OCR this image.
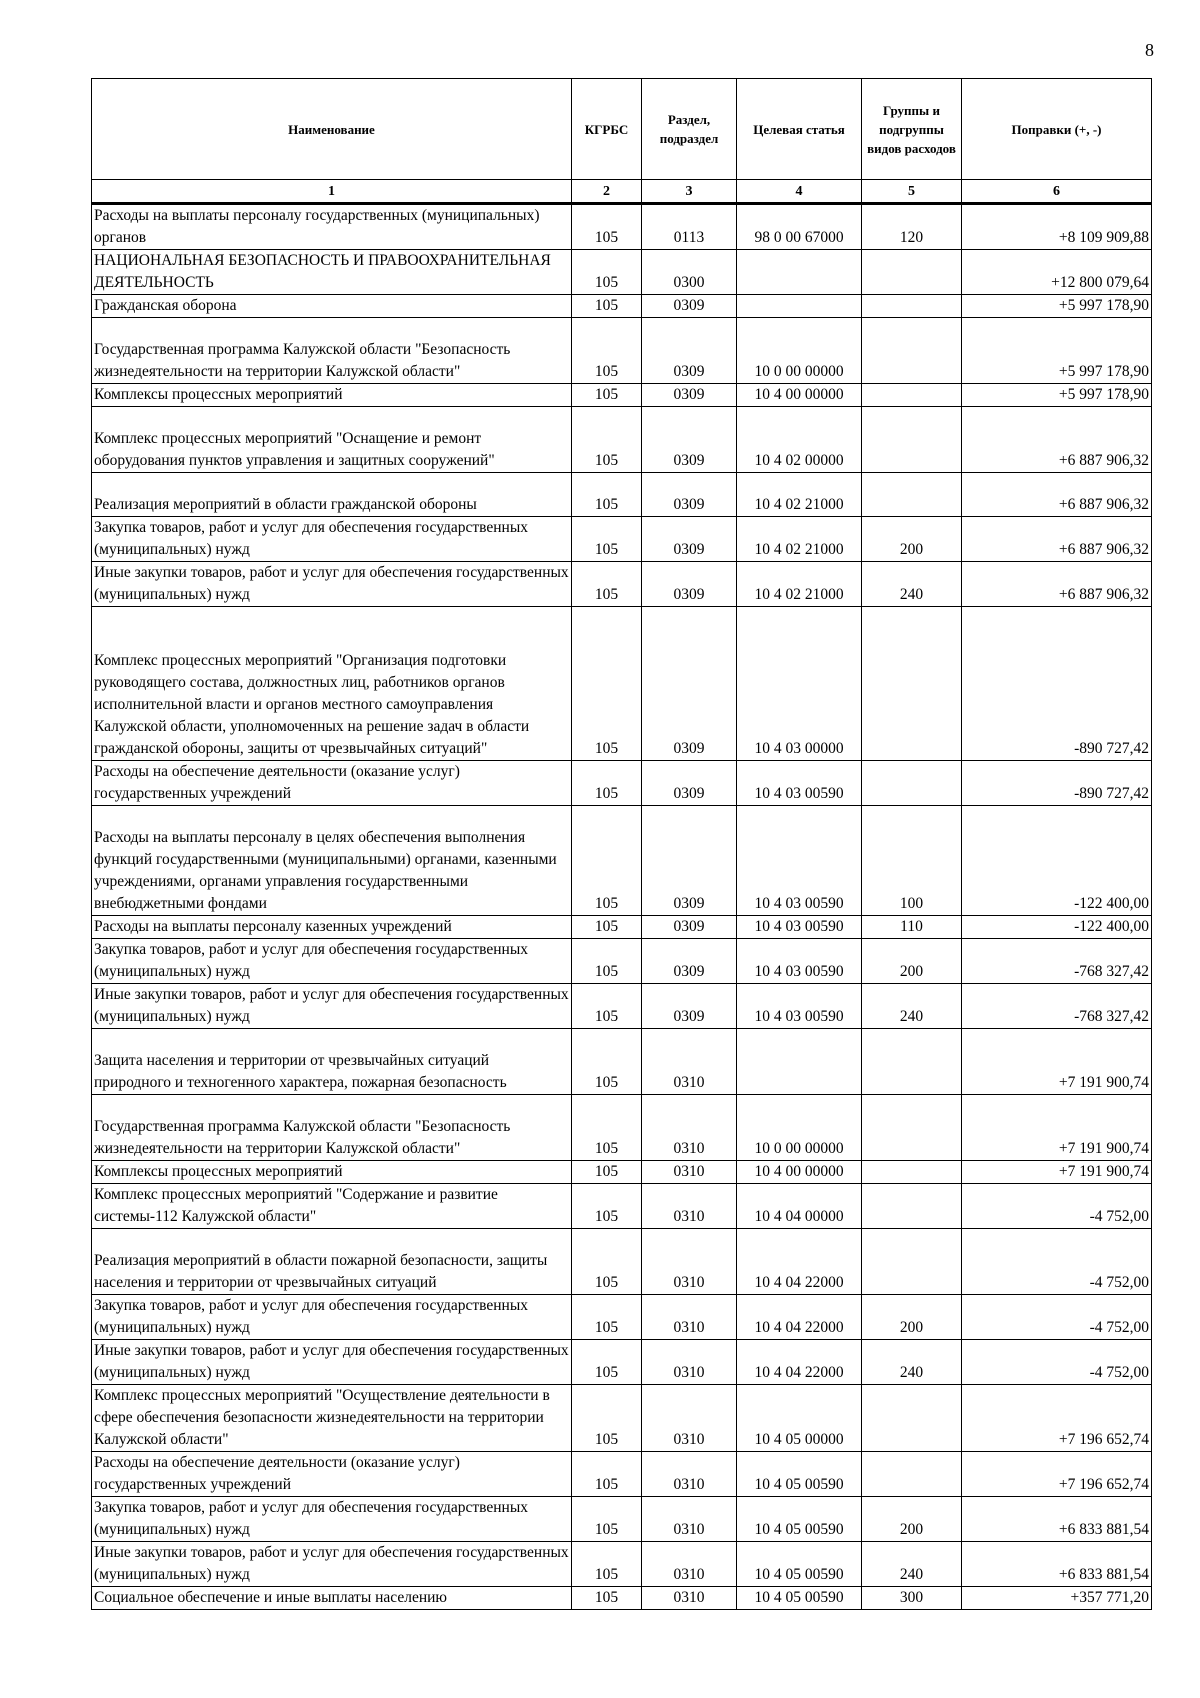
8
Наименование	КГРБС	Раздел, подраздел	Целевая статья	Группы и подгруппы видов расходов	Поправки (+, -)
1	2	3	4	5	6
Расходы на выплаты персоналу государственных (муниципальных) органов	105	0113	98 0 00 67000	120	+8 109 909,88
НАЦИОНАЛЬНАЯ БЕЗОПАСНОСТЬ И ПРАВООХРАНИТЕЛЬНАЯ ДЕЯТЕЛЬНОСТЬ	105	0300			+12 800 079,64
Гражданская оборона	105	0309			+5 997 178,90
Государственная программа Калужской области "Безопасность жизнедеятельности на территории Калужской области"	105	0309	10 0 00 00000		+5 997 178,90
Комплексы процессных мероприятий	105	0309	10 4 00 00000		+5 997 178,90
Комплекс процессных мероприятий "Оснащение и ремонт оборудования пунктов управления и защитных сооружений"	105	0309	10 4 02 00000		+6 887 906,32
Реализация мероприятий в области гражданской обороны	105	0309	10 4 02 21000		+6 887 906,32
Закупка товаров, работ и услуг для обеспечения государственных (муниципальных) нужд	105	0309	10 4 02 21000	200	+6 887 906,32
Иные закупки товаров, работ и услуг для обеспечения государственных (муниципальных) нужд	105	0309	10 4 02 21000	240	+6 887 906,32
Комплекс процессных мероприятий "Организация подготовки руководящего состава, должностных лиц, работников органов исполнительной власти и органов местного самоуправления Калужской области, уполномоченных на решение задач в области гражданской обороны, защиты от чрезвычайных ситуаций"	105	0309	10 4 03 00000		-890 727,42
Расходы на обеспечение деятельности (оказание услуг) государственных учреждений	105	0309	10 4 03 00590		-890 727,42
Расходы на выплаты персоналу в целях обеспечения выполнения функций государственными (муниципальными) органами, казенными учреждениями, органами управления государственными внебюджетными фондами	105	0309	10 4 03 00590	100	-122 400,00
Расходы на выплаты персоналу казенных учреждений	105	0309	10 4 03 00590	110	-122 400,00
Закупка товаров, работ и услуг для обеспечения государственных (муниципальных) нужд	105	0309	10 4 03 00590	200	-768 327,42
Иные закупки товаров, работ и услуг для обеспечения государственных (муниципальных) нужд	105	0309	10 4 03 00590	240	-768 327,42
Защита населения и территории от чрезвычайных ситуаций природного и техногенного характера, пожарная безопасность	105	0310			+7 191 900,74
Государственная программа Калужской области "Безопасность жизнедеятельности на территории Калужской области"	105	0310	10 0 00 00000		+7 191 900,74
Комплексы процессных мероприятий	105	0310	10 4 00 00000		+7 191 900,74
Комплекс процессных мероприятий "Содержание и развитие системы-112 Калужской области"	105	0310	10 4 04 00000		-4 752,00
Реализация мероприятий в области пожарной безопасности, защиты населения и территории от чрезвычайных ситуаций	105	0310	10 4 04 22000		-4 752,00
Закупка товаров, работ и услуг для обеспечения государственных (муниципальных) нужд	105	0310	10 4 04 22000	200	-4 752,00
Иные закупки товаров, работ и услуг для обеспечения государственных (муниципальных) нужд	105	0310	10 4 04 22000	240	-4 752,00
Комплекс процессных мероприятий "Осуществление деятельности в сфере обеспечения безопасности жизнедеятельности на территории Калужской области"	105	0310	10 4 05 00000		+7 196 652,74
Расходы на обеспечение деятельности (оказание услуг) государственных учреждений	105	0310	10 4 05 00590		+7 196 652,74
Закупка товаров, работ и услуг для обеспечения государственных (муниципальных) нужд	105	0310	10 4 05 00590	200	+6 833 881,54
Иные закупки товаров, работ и услуг для обеспечения государственных (муниципальных) нужд	105	0310	10 4 05 00590	240	+6 833 881,54
Социальное обеспечение и иные выплаты населению	105	0310	10 4 05 00590	300	+357 771,20
